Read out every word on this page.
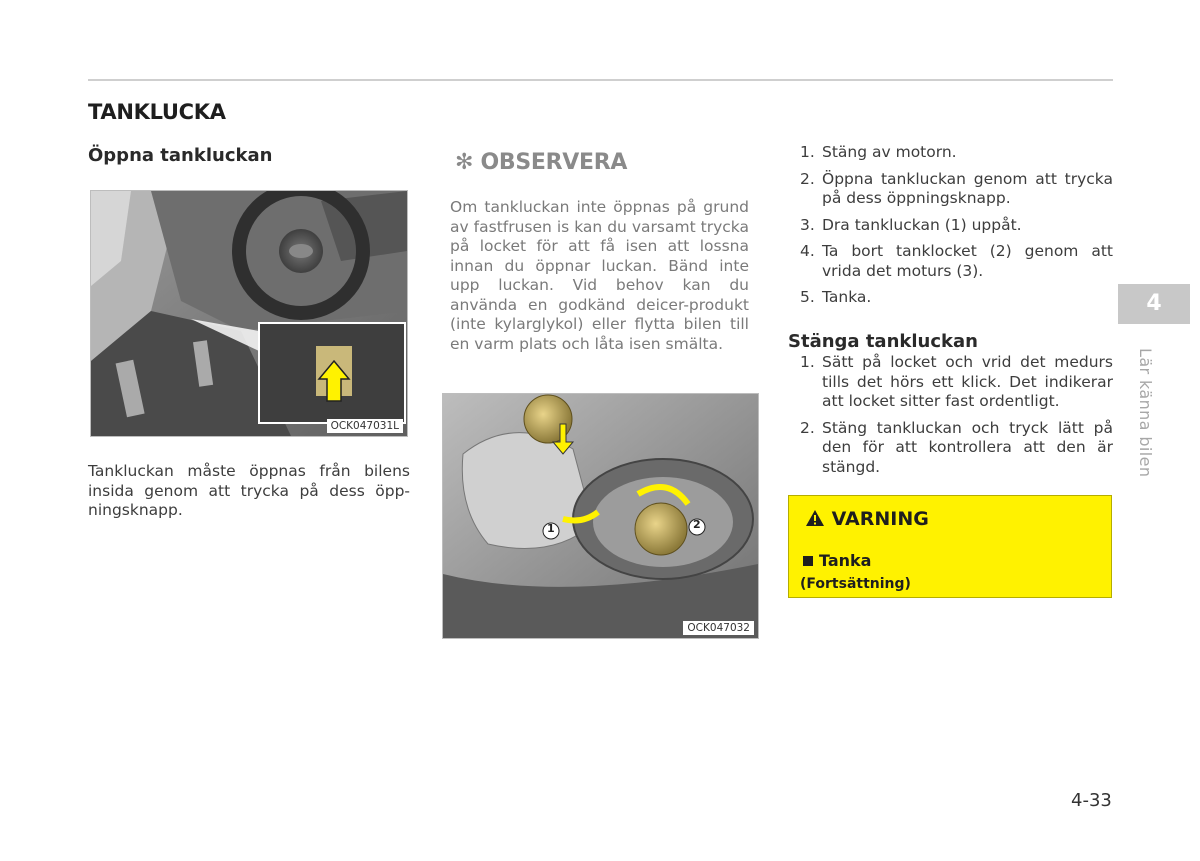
TANKLUCKA
Öppna tankluckan
OCK047031L
Tankluckan måste öppnas från bilens insida genom att trycka på dess öpp-ningsknapp.
✻ OBSERVERA
Om tankluckan inte öppnas på grund av fastfrusen is kan du varsamt trycka på locket för att få isen att lossna innan du öppnar luckan. Bänd inte upp luckan. Vid behov kan du använda en godkänd deicer-produkt (inte kylarglykol) eller flytta bilen till en varm plats och låta isen smälta.
1	2
OCK047032
1. Stäng av motorn.
2. Öppna tankluckan genom att trycka på dess öppningsknapp.
3. Dra tankluckan (1) uppåt.
4. Ta bort tanklocket (2) genom att vrida det moturs (3).
5. Tanka.
Stänga tankluckan
1. Sätt på locket och vrid det medurs tills det hörs ett klick. Det indikerar att locket sitter fast ordentligt.
2. Stäng tankluckan och tryck lätt på den för att kontrollera att den är stängd.
VARNING
Tanka
(Fortsättning)
4
Lär känna bilen
4-33
